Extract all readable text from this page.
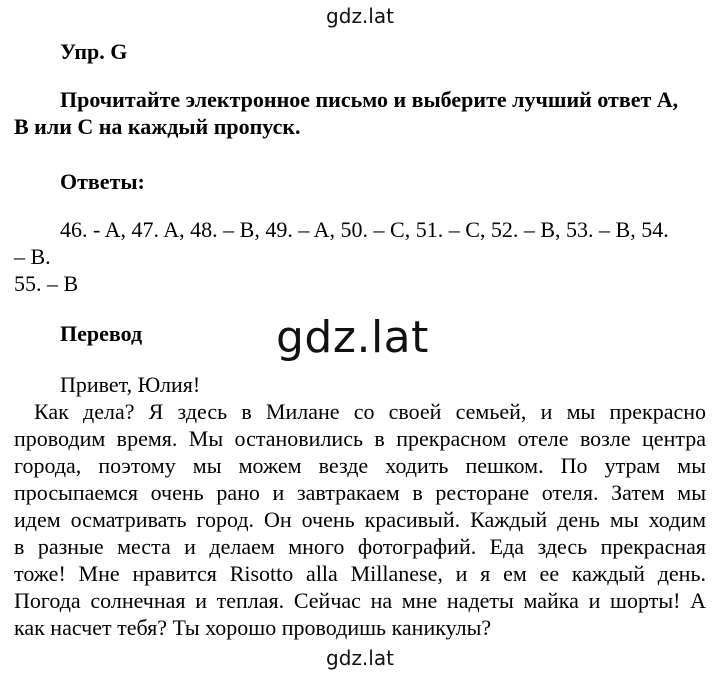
gdz.lat
Упр. G
Прочитайте электронное письмо и выберите лучший ответ A,
B или C на каждый пропуск.
Ответы:
46. - A, 47. A, 48. – B, 49. – A, 50. – C, 51. – C, 52. – B, 53. – B, 54.
– B.
55. – B
Перевод	gdz.lat
Привет, Юлия!
Как дела? Я здесь в Милане со своей семьей, и мы прекрасно
проводим время. Мы остановились в прекрасном отеле возле центра
города, поэтому мы можем везде ходить пешком. По утрам мы
просыпаемся очень рано и завтракаем в ресторане отеля. Затем мы
идем осматривать город. Он очень красивый. Каждый день мы ходим
в разные места и делаем много фотографий. Еда здесь прекрасная
тоже! Мне нравится Risotto alla Millanese, и я ем ее каждый день.
Погода солнечная и теплая. Сейчас на мне надеты майка и шорты! А
как насчет тебя? Ты хорошо проводишь каникулы?
gdz.lat
